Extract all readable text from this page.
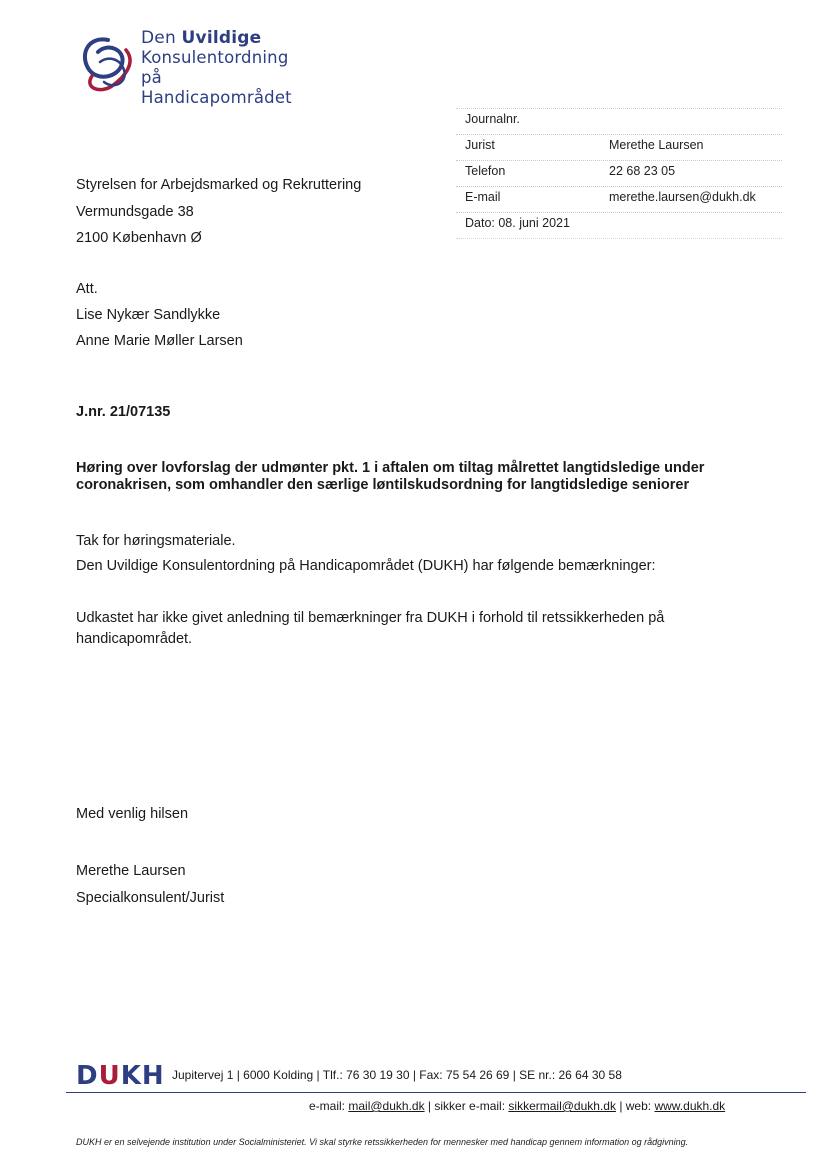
Den Uvildige
Konsulentordning
på Handicapområdet
Journalnr.
Jurist	Merethe Laursen
Telefon	22 68 23 05
E-mail	merethe.laursen@dukh.dk
Dato: 08. juni 2021
Styrelsen for Arbejdsmarked og Rekruttering
Vermundsgade 38
2100 København Ø
Att.
Lise Nykær Sandlykke
Anne Marie Møller Larsen
J.nr. 21/07135
Høring over lovforslag der udmønter pkt. 1 i aftalen om tiltag målrettet langtidsledige under coronakrisen, som omhandler den særlige løntilskudsordning for langtidsledige seniorer
Tak for høringsmateriale.
Den Uvildige Konsulentordning på Handicapområdet (DUKH) har følgende bemærkninger:
Udkastet har ikke givet anledning til bemærkninger fra DUKH i forhold til retssikkerheden på handicapområdet.
Med venlig hilsen
Merethe Laursen
Specialkonsulent/Jurist
DUKH Jupitervej 1 | 6000 Kolding | Tlf.: 76 30 19 30 | Fax: 75 54 26 69 | SE nr.: 26 64 30 58
e-mail: mail@dukh.dk | sikker e-mail: sikkermail@dukh.dk | web: www.dukh.dk
DUKH er en selvejende institution under Socialministeriet. Vi skal styrke retssikkerheden for mennesker med handicap gennem information og rådgivning.
